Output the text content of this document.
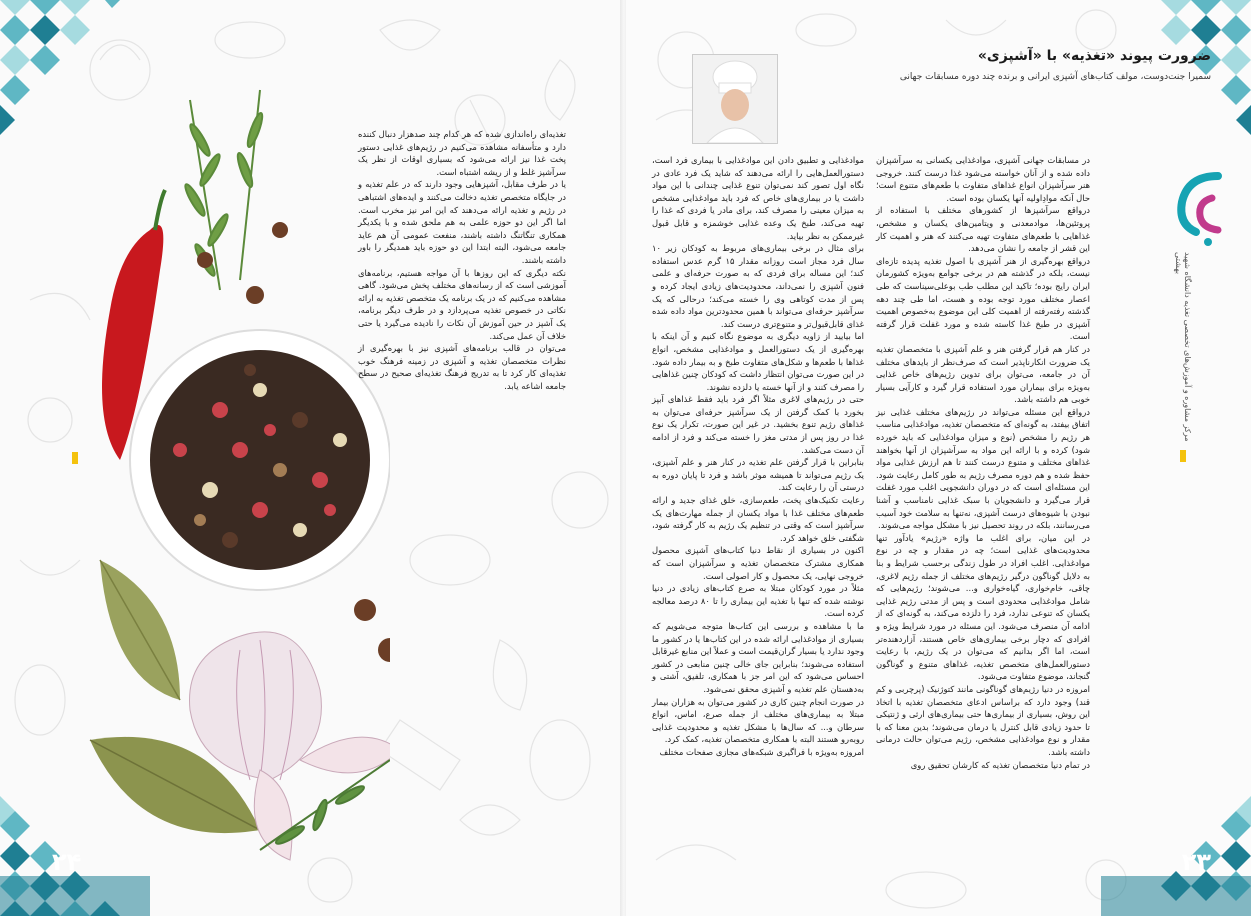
۲۴

تغذیه‌ای راه‌اندازی شده که هر کدام چند صدهزار دنبال کننده دارد و متأسفانه مشاهده می‌کنیم در رژیم‌های غذایی دستور پخت غذا نیز ارائه می‌شود که بسیاری اوقات از نظر یک سرآشپز غلط و از ریشه اشتباه است.

یا در طرف مقابل، آشپزهایی وجود دارند که در علم تغذیه و در جایگاه متخصص تغذیه دخالت می‌کنند و ایده‌های اشتباهی در رژیم و تغذیه ارائه می‌دهند که این امر نیز مخرب است. اما اگر این دو حوزه علمی به هم ملحق شده و با یکدیگر همکاری تنگاتنگ داشته باشند، منفعت عمومی آن هم عاید جامعه می‌شود، البته ابتدا این دو حوزه باید همدیگر را باور داشته باشند.

نکته دیگری که این روزها با آن مواجه هستیم، برنامه‌های آموزشی است که از رسانه‌های مختلف پخش می‌شود. گاهی مشاهده می‌کنیم که در یک برنامه یک متخصص تغذیه به ارائه نکاتی در خصوص تغذیه می‌پردازد و در طرف دیگر برنامه، یک آشپز در حین آموزش آن نکات را نادیده می‌گیرد یا حتی خلاف آن عمل می‌کند.

می‌توان در قالب برنامه‌های آشپزی نیز با بهره‌گیری از نظرات متخصصان تغذیه و آشپزی در زمینه فرهنگ خوب تغذیه‌ای کار کرد تا به تدریج فرهنگ تغذیه‌ای صحیح در سطح جامعه اشاعه یابد.

۲۳
ضرورت پیوند «تغذیه» با «آشپزی»
سمیرا جنت‌دوست، مولف کتاب‌های آشپزی ایرانی و برنده چند دوره مسابقات جهانی

در مسابقات جهانی آشپزی، موادغذایی یکسانی به سرآشپزان داده شده و از آنان خواسته می‌شود غذا درست کنند. خروجی هنر سرآشپزان انواع غذاهای متفاوت با طعم‌های متنوع است؛ حال آنکه موادِاولیه آنها یکسان بوده است.

درواقع سرآشپزها از کشورهای مختلف با استفاده از پروتئین‌ها، موادمعدنی و ویتامین‌های یکسان و مشخص، غذاهایی با طعم‌های متفاوت تهیه می‌کنند که هنر و اهمیت کار این قشر از جامعه را نشان می‌دهد.

درواقع بهره‌گیری از هنر آشپزی با اصول تغذیه پدیده تازه‌ای نیست، بلکه در گذشته هم در برخی جوامع به‌ویژه کشورمان ایران رایج بوده؛ تاکید این مطلب طب بوعلی‌سیناست که طی اعصار مختلف مورد توجه بوده و هست، اما طی چند دهه گذشته رفته‌رفته از اهمیت کلی این موضوع به‌خصوص اهمیت آشپزی در طبخ غذا کاسته شده و مورد غفلت قرار گرفته است.

در کنار هم قرار گرفتن هنر و علم آشپزی با متخصصان تغذیه یک ضرورت انکارناپذیر است که صرف‌نظر از بایدهای مختلف آن در جامعه، می‌توان برای تدوین رژیم‌های خاص غذایی به‌ویژه برای بیماران مورد استفاده قرار گیرد و کارآیی بسیار خوبی هم داشته باشد.

درواقع این مسئله می‌تواند در رژیم‌های مختلف غذایی نیز اتفاق بیفتد، به گونه‌ای که متخصصان تغذیه، موادغذایی مناسب هر رژیم را مشخص (نوع و میزان موادغذایی که باید خورده شود) کرده و با ارائه این مواد به سرآشپزان از آنها بخواهند غذاهای مختلف و متنوع درست کنند تا هم ارزش غذایی مواد حفظ شده و هم دوره مصرف رژیم به طور کامل رعایت شود. این مسئله‌ای است که در دوران دانشجویی اغلب مورد غفلت قرار می‌گیرد و دانشجویان با سبک غذایی نامناسب و آشنا نبودن با شیوه‌های درست آشپزی، نه‌تنها به سلامت خود آسیب می‌رسانند، بلکه در روند تحصیل نیز با مشکل مواجه می‌شوند.

در این میان، برای اغلب ما واژه «رژیم» یادآور تنها محدودیت‌های غذایی است؛ چه در مقدار و چه در نوع موادغذایی. اغلب افراد در طول زندگی برحسب شرایط و بنا به دلایل گوناگون درگیر رژیم‌های مختلف از جمله رژیم لاغری، چاقی، خام‌خواری، گیاه‌خواری و... می‌شوند؛ رژیم‌هایی که شامل موادغذایی محدودی است و پس از مدتی رژیم غذایی یکسان که تنوعی ندارد، فرد را دلزده می‌کند، به گونه‌ای که از ادامه آن منصرف می‌شود. این مسئله در مورد شرایط ویژه و افرادی که دچار برخی بیماری‌های خاص هستند، آزاردهنده‌تر است، اما اگر بدانیم که می‌توان در یک رژیم، با رعایت دستورالعمل‌های متخصص تغذیه، غذاهای متنوع و گوناگون گنجاند، موضوع متفاوت می‌شود.

امروزه در دنیا رژیم‌های گوناگونی مانند کتوژنیک (پرچربی و کم قند) وجود دارد که براساس ادعای متخصصان تغذیه با اتخاذ این روش، بسیاری از بیماری‌ها حتی بیماری‌های ارثی و ژنتیکی تا حدود زیادی قابل کنترل یا درمان می‌شوند؛ بدین معنا که با مقدار و نوع موادغذایی مشخص، رژیم می‌توان حالت درمانی داشته باشد.

در تمام دنیا متخصصان تغذیه که کارشان تحقیق روی

موادغذایی و تطبیق دادن این موادغذایی با بیماری فرد است، دستورالعمل‌هایی را ارائه می‌دهند که شاید یک فرد عادی در نگاه اول تصور کند نمی‌توان تنوع غذایی چندانی با این مواد داشت یا در بیماری‌های خاص که فرد باید موادغذایی مشخص به میزان معینی را مصرف کند، برای مادر یا فردی که غذا را تهیه می‌کند، طبخ یک وعده غذایی خوشمزه و قابل قبول غیرممکن به نظر بیاید.

برای مثال در برخی بیماری‌های مربوط به کودکان زیر ۱۰ سال فرد مجاز است روزانه مقدار ۱۵ گرم عدس استفاده کند؛ این مساله برای فردی که به صورت حرفه‌ای و علمی فنون آشپزی را نمی‌داند، محدودیت‌های زیادی ایجاد کرده و پس از مدت کوتاهی وی را خسته می‌کند؛ درحالی که یک سرآشپز حرفه‌ای می‌تواند با همین محدودترین مواد داده شده غذای قابل‌قبول‌تر و متنوع‌تری درست کند.

اما بیایید از زاویه دیگری به موضوع نگاه کنیم و آن اینکه با بهره‌گیری از یک دستورالعمل و موادغذایی مشخص، انواع غذاها با طعم‌ها و شکل‌های متفاوت طبخ و به بیمار داده شود. در این صورت می‌توان انتظار داشت که کودکان چنین غذاهایی را مصرف کنند و از آنها خسته یا دلزده نشوند.

حتی در رژیم‌های لاغری مثلاً اگر فرد باید فقط غذاهای آبپز بخورد با کمک گرفتن از یک سرآشپز حرفه‌ای می‌توان به غذاهای رژیم تنوع بخشید. در غیر این صورت، تکرار یک نوع غذا در روز پس از مدتی مغز را خسته می‌کند و فرد از ادامه آن دست می‌کشد.

بنابراین با قرار گرفتن علم تغذیه در کنار هنر و علم آشپزی، یک رژیم می‌تواند تا همیشه موثر باشد و فرد تا پایان دوره به درستی آن را رعایت کند.

رعایت تکنیک‌های پخت، طعم‌سازی، خلق غذای جدید و ارائه طعم‌های مختلف غذا با مواد یکسان از جمله مهارت‌های یک سرآشپز است که وقتی در تنظیم یک رژیم به کار گرفته شود، شگفتی خلق خواهد کرد.

اکنون در بسیاری از نقاط دنیا کتاب‌های آشپزی محصول همکاری مشترک متخصصان تغذیه و سرآشپزان است که خروجی نهایی، یک محصول و کار اصولی است.

مثلاً در مورد کودکان مبتلا به صرع کتاب‌های زیادی در دنیا نوشته شده که تنها با تغذیه این بیماری را تا ۸۰ درصد معالجه کرده است.

ما با مشاهده و بررسی این کتاب‌ها متوجه می‌شویم که بسیاری از موادغذایی ارائه شده در این کتاب‌ها یا در کشور ما وجود ندارد یا بسیار گران‌قیمت است و عملاً این منابع غیرقابل استفاده می‌شوند؛ بنابراین جای خالی چنین منابعی در کشور احساس می‌شود که این امر جز با همکاری، تلفیق، آشتی و به‌دهستان علم تغذیه و آشپزی محقق نمی‌شود.

در صورت انجام چنین کاری در کشور می‌توان به هزاران بیمار مبتلا به بیماری‌های مختلف از جمله صرع، اماس، انواع سرطان و... که سال‌ها با مشکل تغذیه و محدودیت غذایی روبه‌رو هستند البته با همکاری متخصصان تغذیه، کمک کرد.

امروزه به‌ویژه با فراگیری شبکه‌های مجازی صفحات مختلف

مرکز مشاوره و آموزش‌های تخصصی تغذیه دانشگاه شهید بهشتی
